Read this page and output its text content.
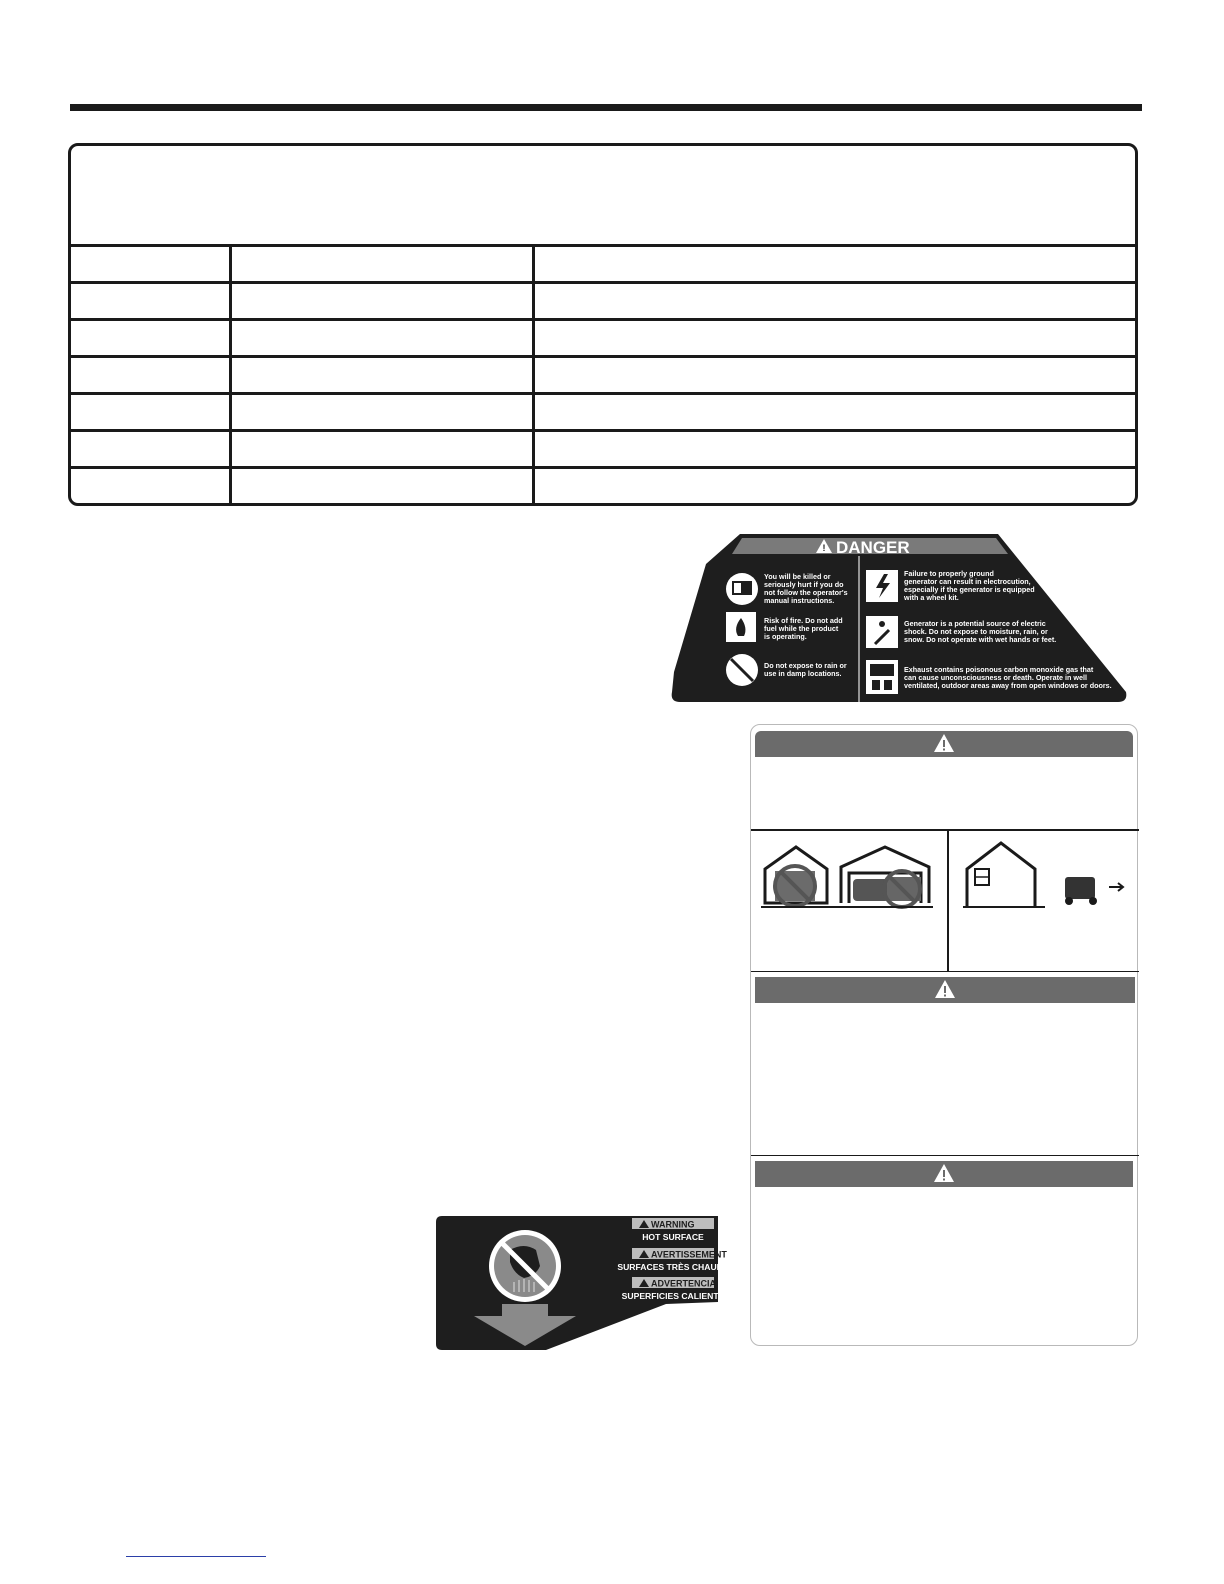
! DANGER
You will be killed or
seriously hurt if you do
not follow the operator's
manual instructions.
Risk of fire. Do not add
fuel while the product
is operating.
Do not expose to rain or
use in damp locations.
Failure to properly ground
generator can result in electrocution,
especially if the generator is equipped
with a wheel kit.
Generator is a potential source of electric
shock. Do not expose to moisture, rain, or
snow. Do not operate with wet hands or feet.
Exhaust contains poisonous carbon monoxide gas that
can cause unconsciousness or death. Operate in well
ventilated, outdoor areas away from open windows or doors.
WARNING
HOT SURFACE
AVERTISSEMENT
SURFACES TRÈS CHAUDE
ADVERTENCIA
SUPERFICIES CALIENTE
